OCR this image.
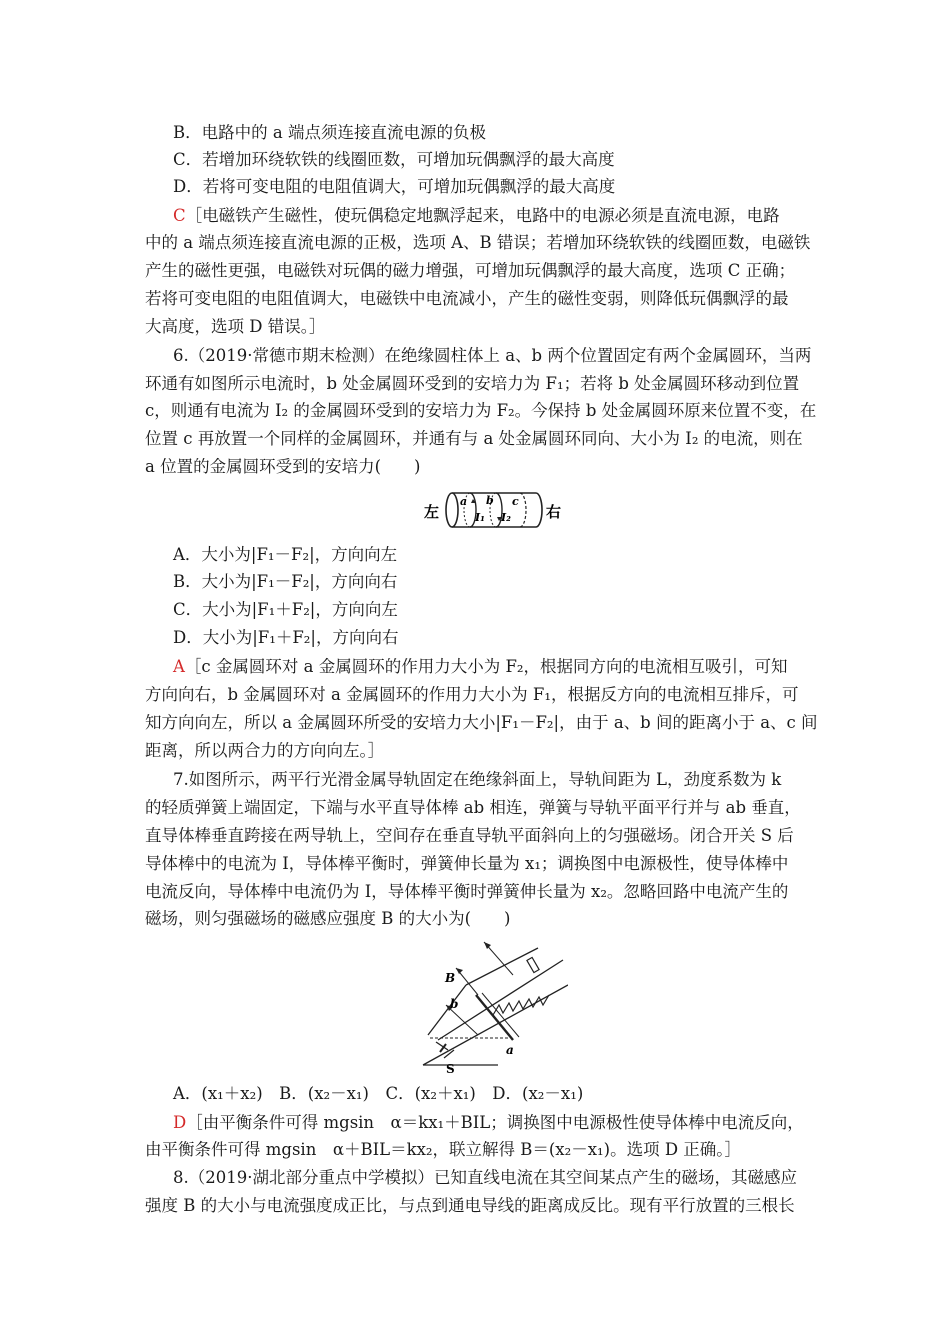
B．电路中的 a 端点须连接直流电源的负极
C．若增加环绕软铁的线圈匝数，可增加玩偶飘浮的最大高度
D．若将可变电阻的电阻值调大，可增加玩偶飘浮的最大高度
C［电磁铁产生磁性，使玩偶稳定地飘浮起来，电路中的电源必须是直流电源，电路
中的 a 端点须连接直流电源的正极，选项 A、B 错误；若增加环绕软铁的线圈匝数，电磁铁
产生的磁性更强，电磁铁对玩偶的磁力增强，可增加玩偶飘浮的最大高度，选项 C 正确；
若将可变电阻的电阻值调大，电磁铁中电流减小，产生的磁性变弱，则降低玩偶飘浮的最
大高度，选项 D 错误。］
6.（2019·常德市期末检测）在绝缘圆柱体上 a、b 两个位置固定有两个金属圆环，当两
环通有如图所示电流时，b 处金属圆环受到的安培力为 F₁；若将 b 处金属圆环移动到位置
c，则通有电流为 I₂ 的金属圆环受到的安培力为 F₂。今保持 b 处金属圆环原来位置不变，在
位置 c 再放置一个同样的金属圆环，并通有与 a 处金属圆环同向、大小为 I₂ 的电流，则在
a 位置的金属圆环受到的安培力(　　)
左
a b c
I₁ I₂ 右
A．大小为|F₁－F₂|，方向向左
B．大小为|F₁－F₂|，方向向右
C．大小为|F₁＋F₂|，方向向左
D．大小为|F₁＋F₂|，方向向右
A［c 金属圆环对 a 金属圆环的作用力大小为 F₂，根据同方向的电流相互吸引，可知
方向向右，b 金属圆环对 a 金属圆环的作用力大小为 F₁，根据反方向的电流相互排斥，可
知方向向左，所以 a 金属圆环所受的安培力大小|F₁－F₂|，由于 a、b 间的距离小于 a、c 间
距离，所以两合力的方向向左。］
7.如图所示，两平行光滑金属导轨固定在绝缘斜面上，导轨间距为 L，劲度系数为 k
的轻质弹簧上端固定，下端与水平直导体棒 ab 相连，弹簧与导轨平面平行并与 ab 垂直，
直导体棒垂直跨接在两导轨上，空间存在垂直导轨平面斜向上的匀强磁场。闭合开关 S 后
导体棒中的电流为 I，导体棒平衡时，弹簧伸长量为 x₁；调换图中电源极性，使导体棒中
电流反向，导体棒中电流仍为 I，导体棒平衡时弹簧伸长量为 x₂。忽略回路中电流产生的
磁场，则匀强磁场的磁感应强度 B 的大小为(　　)
B
b
a
S
A．(x₁＋x₂)　B．(x₂－x₁)　C．(x₂＋x₁)　D．(x₂－x₁)
D［由平衡条件可得 mgsin　α＝kx₁＋BIL；调换图中电源极性使导体棒中电流反向，
由平衡条件可得 mgsin　α＋BIL＝kx₂，联立解得 B＝(x₂－x₁)。选项 D 正确。］
8.（2019·湖北部分重点中学模拟）已知直线电流在其空间某点产生的磁场，其磁感应
强度 B 的大小与电流强度成正比，与点到通电导线的距离成反比。现有平行放置的三根长
